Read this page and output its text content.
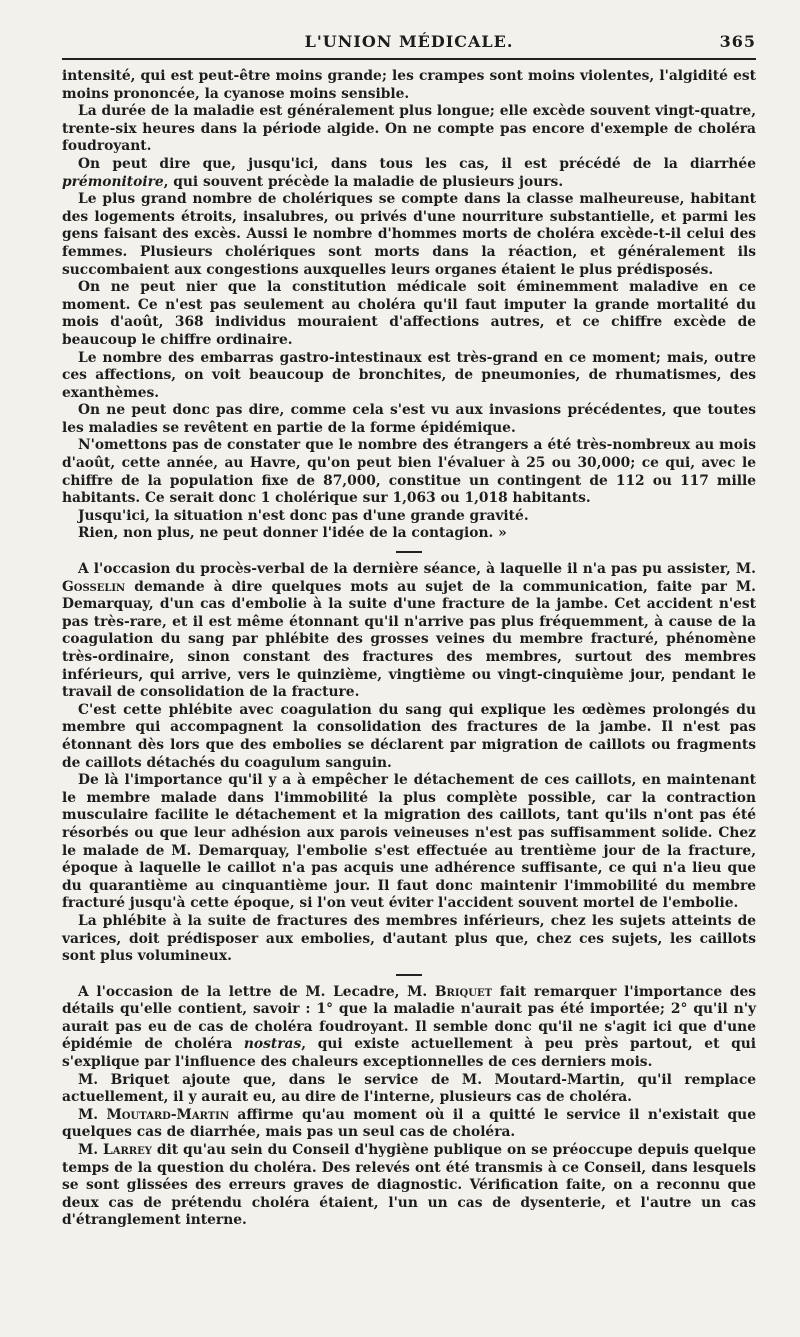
L'UNION MÉDICALE.	365

intensité, qui est peut-être moins grande; les crampes sont moins violentes, l'algidité est moins prononcée, la cyanose moins sensible.

La durée de la maladie est généralement plus longue; elle excède souvent vingt-quatre, trente-six heures dans la période algide. On ne compte pas encore d'exemple de choléra foudroyant.

On peut dire que, jusqu'ici, dans tous les cas, il est précédé de la diarrhée prémonitoire, qui souvent précède la maladie de plusieurs jours.

Le plus grand nombre de cholériques se compte dans la classe malheureuse, habitant des logements étroits, insalubres, ou privés d'une nourriture substantielle, et parmi les gens faisant des excès. Aussi le nombre d'hommes morts de choléra excède-t-il celui des femmes. Plusieurs cholériques sont morts dans la réaction, et généralement ils succombaient aux congestions auxquelles leurs organes étaient le plus prédisposés.

On ne peut nier que la constitution médicale soit éminemment maladive en ce moment. Ce n'est pas seulement au choléra qu'il faut imputer la grande mortalité du mois d'août, 368 individus mouraient d'affections autres, et ce chiffre excède de beaucoup le chiffre ordinaire.

Le nombre des embarras gastro-intestinaux est très-grand en ce moment; mais, outre ces affections, on voit beaucoup de bronchites, de pneumonies, de rhumatismes, des exanthèmes.

On ne peut donc pas dire, comme cela s'est vu aux invasions précédentes, que toutes les maladies se revêtent en partie de la forme épidémique.

N'omettons pas de constater que le nombre des étrangers a été très-nombreux au mois d'août, cette année, au Havre, qu'on peut bien l'évaluer à 25 ou 30,000; ce qui, avec le chiffre de la population fixe de 87,000, constitue un contingent de 112 ou 117 mille habitants. Ce serait donc 1 cholérique sur 1,063 ou 1,018 habitants.

Jusqu'ici, la situation n'est donc pas d'une grande gravité.

Rien, non plus, ne peut donner l'idée de la contagion. »

A l'occasion du procès-verbal de la dernière séance, à laquelle il n'a pas pu assister, M. Gosselin demande à dire quelques mots au sujet de la communication, faite par M. Demarquay, d'un cas d'embolie à la suite d'une fracture de la jambe. Cet accident n'est pas très-rare, et il est même étonnant qu'il n'arrive pas plus fréquemment, à cause de la coagulation du sang par phlébite des grosses veines du membre fracturé, phénomène très-ordinaire, sinon constant des fractures des membres, surtout des membres inférieurs, qui arrive, vers le quinzième, vingtième ou vingt-cinquième jour, pendant le travail de consolidation de la fracture.

C'est cette phlébite avec coagulation du sang qui explique les œdèmes prolongés du membre qui accompagnent la consolidation des fractures de la jambe. Il n'est pas étonnant dès lors que des embolies se déclarent par migration de caillots ou fragments de caillots détachés du coagulum sanguin.

De là l'importance qu'il y a à empêcher le détachement de ces caillots, en maintenant le membre malade dans l'immobilité la plus complète possible, car la contraction musculaire facilite le détachement et la migration des caillots, tant qu'ils n'ont pas été résorbés ou que leur adhésion aux parois veineuses n'est pas suffisamment solide. Chez le malade de M. Demarquay, l'embolie s'est effectuée au trentième jour de la fracture, époque à laquelle le caillot n'a pas acquis une adhérence suffisante, ce qui n'a lieu que du quarantième au cinquantième jour. Il faut donc maintenir l'immobilité du membre fracturé jusqu'à cette époque, si l'on veut éviter l'accident souvent mortel de l'embolie.

La phlébite à la suite de fractures des membres inférieurs, chez les sujets atteints de varices, doit prédisposer aux embolies, d'autant plus que, chez ces sujets, les caillots sont plus volumineux.

A l'occasion de la lettre de M. Lecadre, M. Briquet fait remarquer l'importance des détails qu'elle contient, savoir : 1° que la maladie n'aurait pas été importée; 2° qu'il n'y aurait pas eu de cas de choléra foudroyant. Il semble donc qu'il ne s'agit ici que d'une épidémie de choléra nostras, qui existe actuellement à peu près partout, et qui s'explique par l'influence des chaleurs exceptionnelles de ces derniers mois.

M. Briquet ajoute que, dans le service de M. Moutard-Martin, qu'il remplace actuellement, il y aurait eu, au dire de l'interne, plusieurs cas de choléra.

M. Moutard-Martin affirme qu'au moment où il a quitté le service il n'existait que quelques cas de diarrhée, mais pas un seul cas de choléra.

M. Larrey dit qu'au sein du Conseil d'hygiène publique on se préoccupe depuis quelque temps de la question du choléra. Des relevés ont été transmis à ce Conseil, dans lesquels se sont glissées des erreurs graves de diagnostic. Vérification faite, on a reconnu que deux cas de prétendu choléra étaient, l'un un cas de dysenterie, et l'autre un cas d'étranglement interne.
